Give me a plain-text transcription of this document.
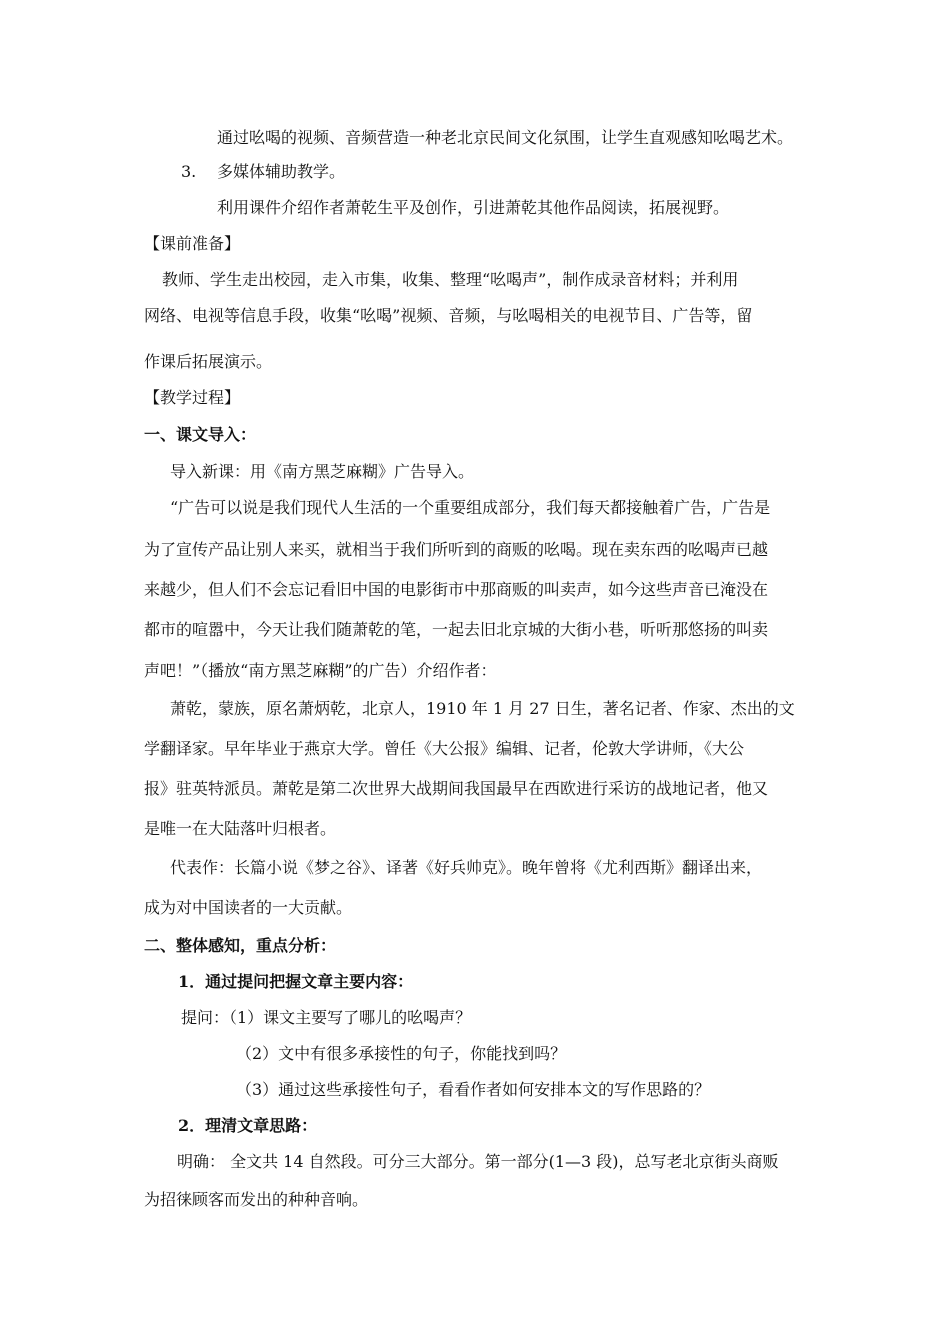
通过吆喝的视频、音频营造一种老北京民间文化氛围，让学生直观感知吆喝艺术。
3. 多媒体辅助教学。
利用课件介绍作者萧乾生平及创作，引进萧乾其他作品阅读，拓展视野。
【课前准备】
教师、学生走出校园，走入市集，收集、整理“吆喝声”，制作成录音材料；并利用
网络、电视等信息手段，收集“吆喝”视频、音频，与吆喝相关的电视节目、广告等，留
作课后拓展演示。
【教学过程】
一、课文导入：
导入新课：用《南方黑芝麻糊》广告导入。
“广告可以说是我们现代人生活的一个重要组成部分，我们每天都接触着广告，广告是
为了宣传产品让别人来买，就相当于我们所听到的商贩的吆喝。现在卖东西的吆喝声已越
来越少，但人们不会忘记看旧中国的电影街市中那商贩的叫卖声，如今这些声音已淹没在
都市的喧嚣中，今天让我们随萧乾的笔，一起去旧北京城的大街小巷，听听那悠扬的叫卖
声吧！”（播放“南方黑芝麻糊”的广告）介绍作者：
萧乾，蒙族，原名萧炳乾，北京人，1910 年 1 月 27 日生，著名记者、作家、杰出的文
学翻译家。早年毕业于燕京大学。曾任《大公报》编辑、记者，伦敦大学讲师，《大公
报》驻英特派员。萧乾是第二次世界大战期间我国最早在西欧进行采访的战地记者，他又
是唯一在大陆落叶归根者。
代表作：长篇小说《梦之谷》、译著《好兵帅克》。晚年曾将《尤利西斯》翻译出来，
成为对中国读者的一大贡献。
二、整体感知，重点分析：
1．通过提问把握文章主要内容：
提问：（1）课文主要写了哪儿的吆喝声？
（2）文中有很多承接性的句子，你能找到吗？
（3）通过这些承接性句子，看看作者如何安排本文的写作思路的？
2．理清文章思路：
明确： 全文共 14 自然段。可分三大部分。第一部分(1—3 段)，总写老北京街头商贩
为招徕顾客而发出的种种音响。
